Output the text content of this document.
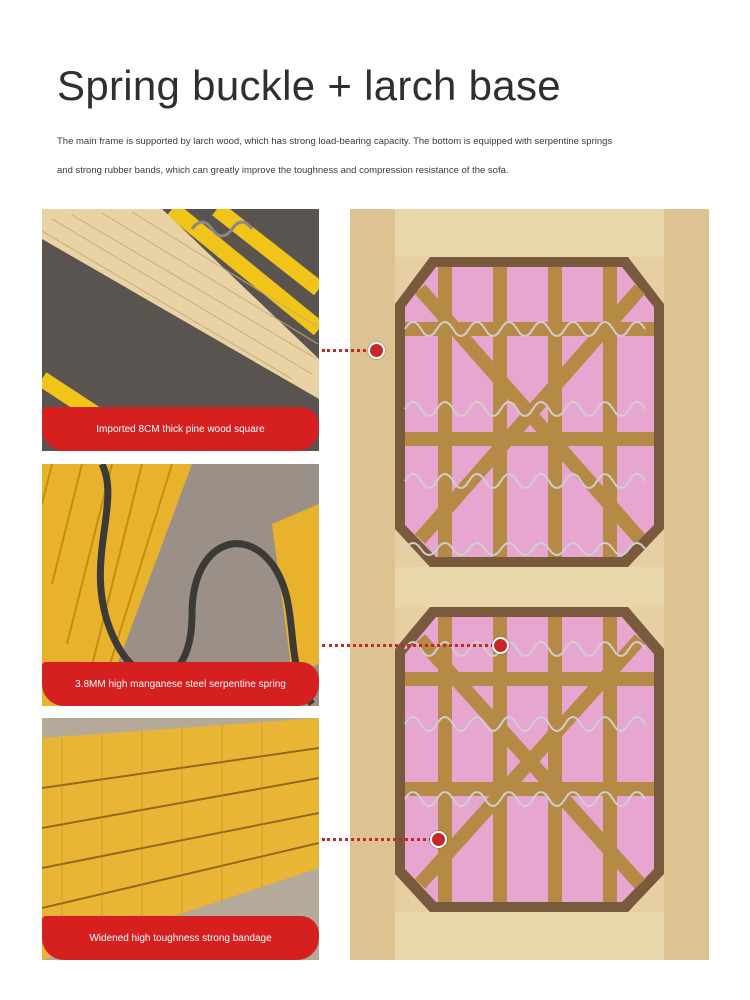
Spring buckle + larch base

The main frame is supported by larch wood, which has strong load-bearing capacity. The bottom is equipped with serpentine springs

and strong rubber bands, which can greatly improve the toughness and compression resistance of the sofa.

Imported 8CM thick pine wood square
3.8MM high manganese steel serpentine spring
Widened high toughness strong bandage
